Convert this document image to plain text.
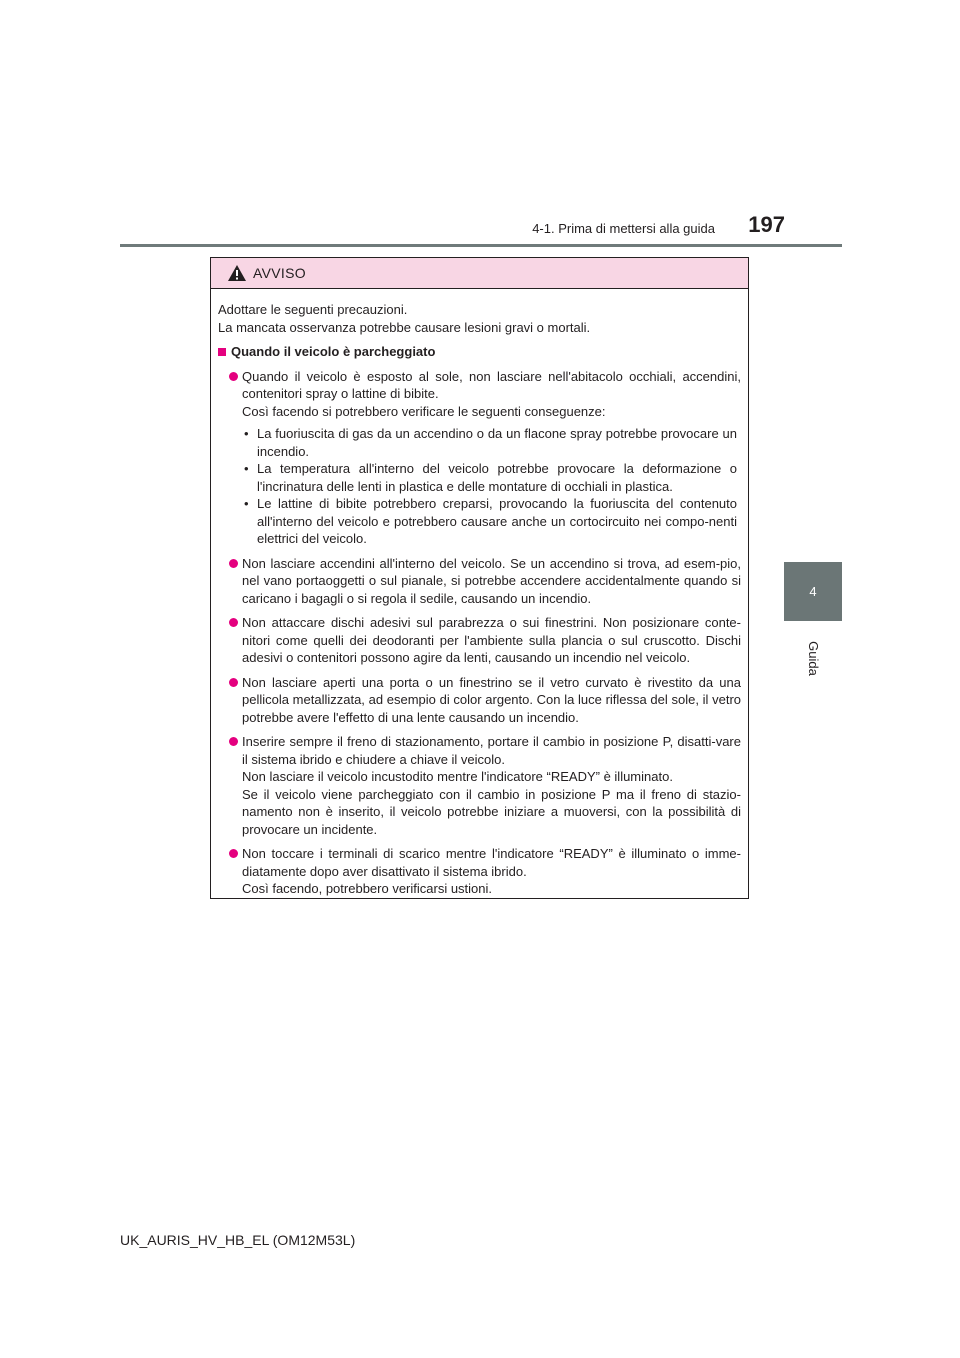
4-1. Prima di mettersi alla guida	197
4
Guida
AVVISO

Adottare le seguenti precauzioni.

La mancata osservanza potrebbe causare lesioni gravi o mortali.

Quando il veicolo è parcheggiato

Quando il veicolo è esposto al sole, non lasciare nell'abitacolo occhiali, accendini, contenitori spray o lattine di bibite.

Così facendo si potrebbero verificare le seguenti conseguenze:

• La fuoriuscita di gas da un accendino o da un flacone spray potrebbe provocare un incendio.
• La temperatura all'interno del veicolo potrebbe provocare la deformazione o l'incrinatura delle lenti in plastica e delle montature di occhiali in plastica.
• Le lattine di bibite potrebbero creparsi, provocando la fuoriuscita del contenuto all'interno del veicolo e potrebbero causare anche un cortocircuito nei compo-nenti elettrici del veicolo.

Non lasciare accendini all'interno del veicolo. Se un accendino si trova, ad esem-pio, nel vano portaoggetti o sul pianale, si potrebbe accendere accidentalmente quando si caricano i bagagli o si regola il sedile, causando un incendio.

Non attaccare dischi adesivi sul parabrezza o sui finestrini. Non posizionare conte-nitori come quelli dei deodoranti per l'ambiente sulla plancia o sul cruscotto. Dischi adesivi o contenitori possono agire da lenti, causando un incendio nel veicolo.

Non lasciare aperti una porta o un finestrino se il vetro curvato è rivestito da una pellicola metallizzata, ad esempio di color argento. Con la luce riflessa del sole, il vetro potrebbe avere l'effetto di una lente causando un incendio.

Inserire sempre il freno di stazionamento, portare il cambio in posizione P, disatti-vare il sistema ibrido e chiudere a chiave il veicolo.

Non lasciare il veicolo incustodito mentre l'indicatore “READY” è illuminato.

Se il veicolo viene parcheggiato con il cambio in posizione P ma il freno di stazio-namento non è inserito, il veicolo potrebbe iniziare a muoversi, con la possibilità di provocare un incidente.

Non toccare i terminali di scarico mentre l'indicatore “READY” è illuminato o imme-diatamente dopo aver disattivato il sistema ibrido.

Così facendo, potrebbero verificarsi ustioni.

UK_AURIS_HV_HB_EL (OM12M53L)
